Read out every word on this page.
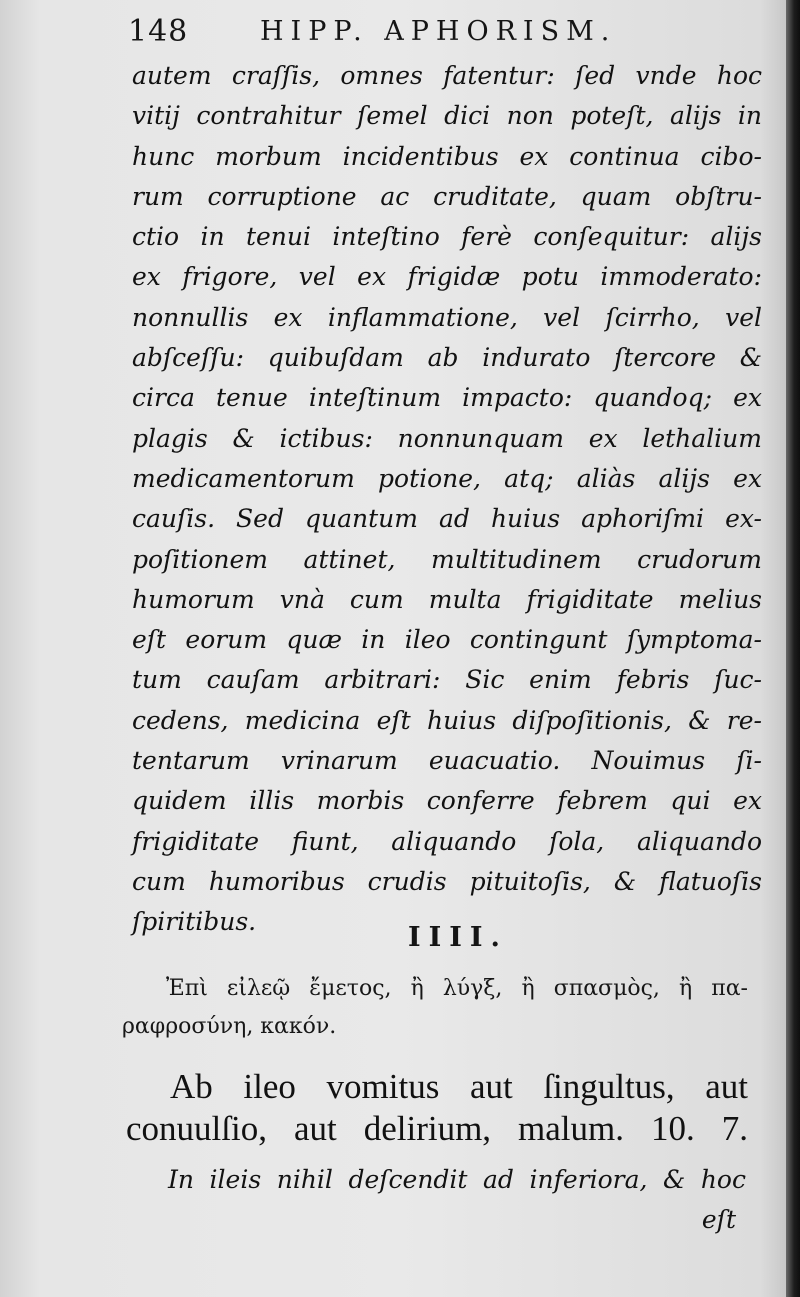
148	HIPP. APHORISM.
autem craſſis, omnes fatentur: ſed vnde hoc
vitij contrahitur ſemel dici non poteſt, alijs in
hunc morbum incidentibus ex continua cibo-
rum corruptione ac cruditate, quam obſtru-
ctio in tenui inteſtino ferè conſequitur: alijs
ex frigore, vel ex frigidæ potu immoderato:
nonnullis ex inflammatione, vel ſcirrho, vel
abſceſſu: quibuſdam ab indurato ſtercore &
circa tenue inteſtinum impacto: quandoq; ex
plagis & ictibus: nonnunquam ex lethalium
medicamentorum potione, atq; aliàs alijs ex
cauſis. Sed quantum ad huius aphoriſmi ex-
poſitionem attinet, multitudinem crudorum
humorum vnà cum multa frigiditate melius
eſt eorum quæ in ileo contingunt ſymptoma-
tum cauſam arbitrari: Sic enim febris ſuc-
cedens, medicina eſt huius diſpoſitionis, & re-
tentarum vrinarum euacuatio. Nouimus ſi-
quidem illis morbis conferre febrem qui ex
frigiditate fiunt, aliquando ſola, aliquando
cum humoribus crudis pituitoſis, & flatuoſis
ſpiritibus.
IIII.
Ἐπὶ εἰλεῷ ἔμετος, ἢ λύγξ, ἢ σπασμὸς, ἢ πα-
ραφροσύνη, κακόν.
Ab ileo vomitus aut ſingultus, aut
conuulſio, aut delirium, malum. 10. 7.
In ileis nihil deſcendit ad inferiora, & hoc
eſt
